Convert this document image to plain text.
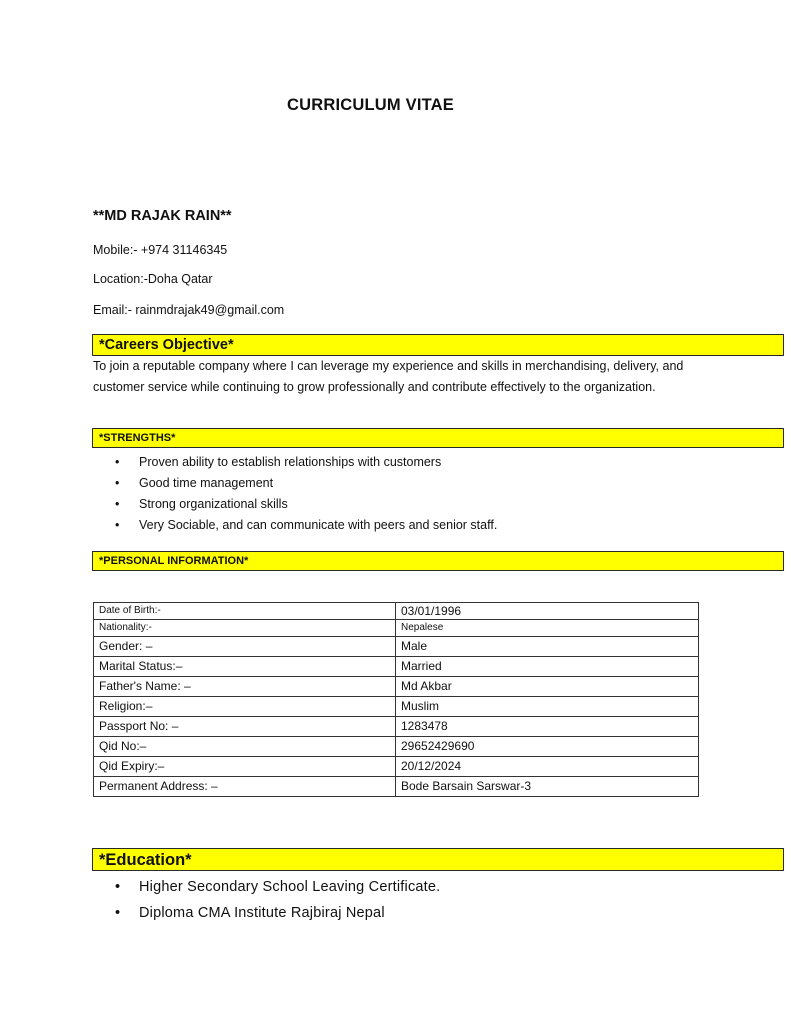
CURRICULUM VITAE
**MD RAJAK RAIN**
Mobile:- +974 31146345
Location:-Doha Qatar
Email:- rainmdrajak49@gmail.com
*Careers Objective*
To join a reputable company where I can leverage my experience and skills in merchandising, delivery, and customer service while continuing to grow professionally and contribute effectively to the organization.
*STRENGTHS*
• Proven ability to establish relationships with customers
• Good time management
• Strong organizational skills
• Very Sociable, and can communicate with peers and senior staff.
*PERSONAL INFORMATION*
Date of Birth:-	03/01/1996
Nationality:-	Nepalese
Gender: –	Male
Marital Status:–	Married
Father's Name: –	Md Akbar
Religion:–	Muslim
Passport No: –	1283478
Qid No:–	29652429690
Qid Expiry:–	20/12/2024
Permanent Address: –	Bode Barsain Sarswar-3
*Education*
• Higher Secondary School Leaving Certificate.
• Diploma CMA Institute Rajbiraj Nepal
